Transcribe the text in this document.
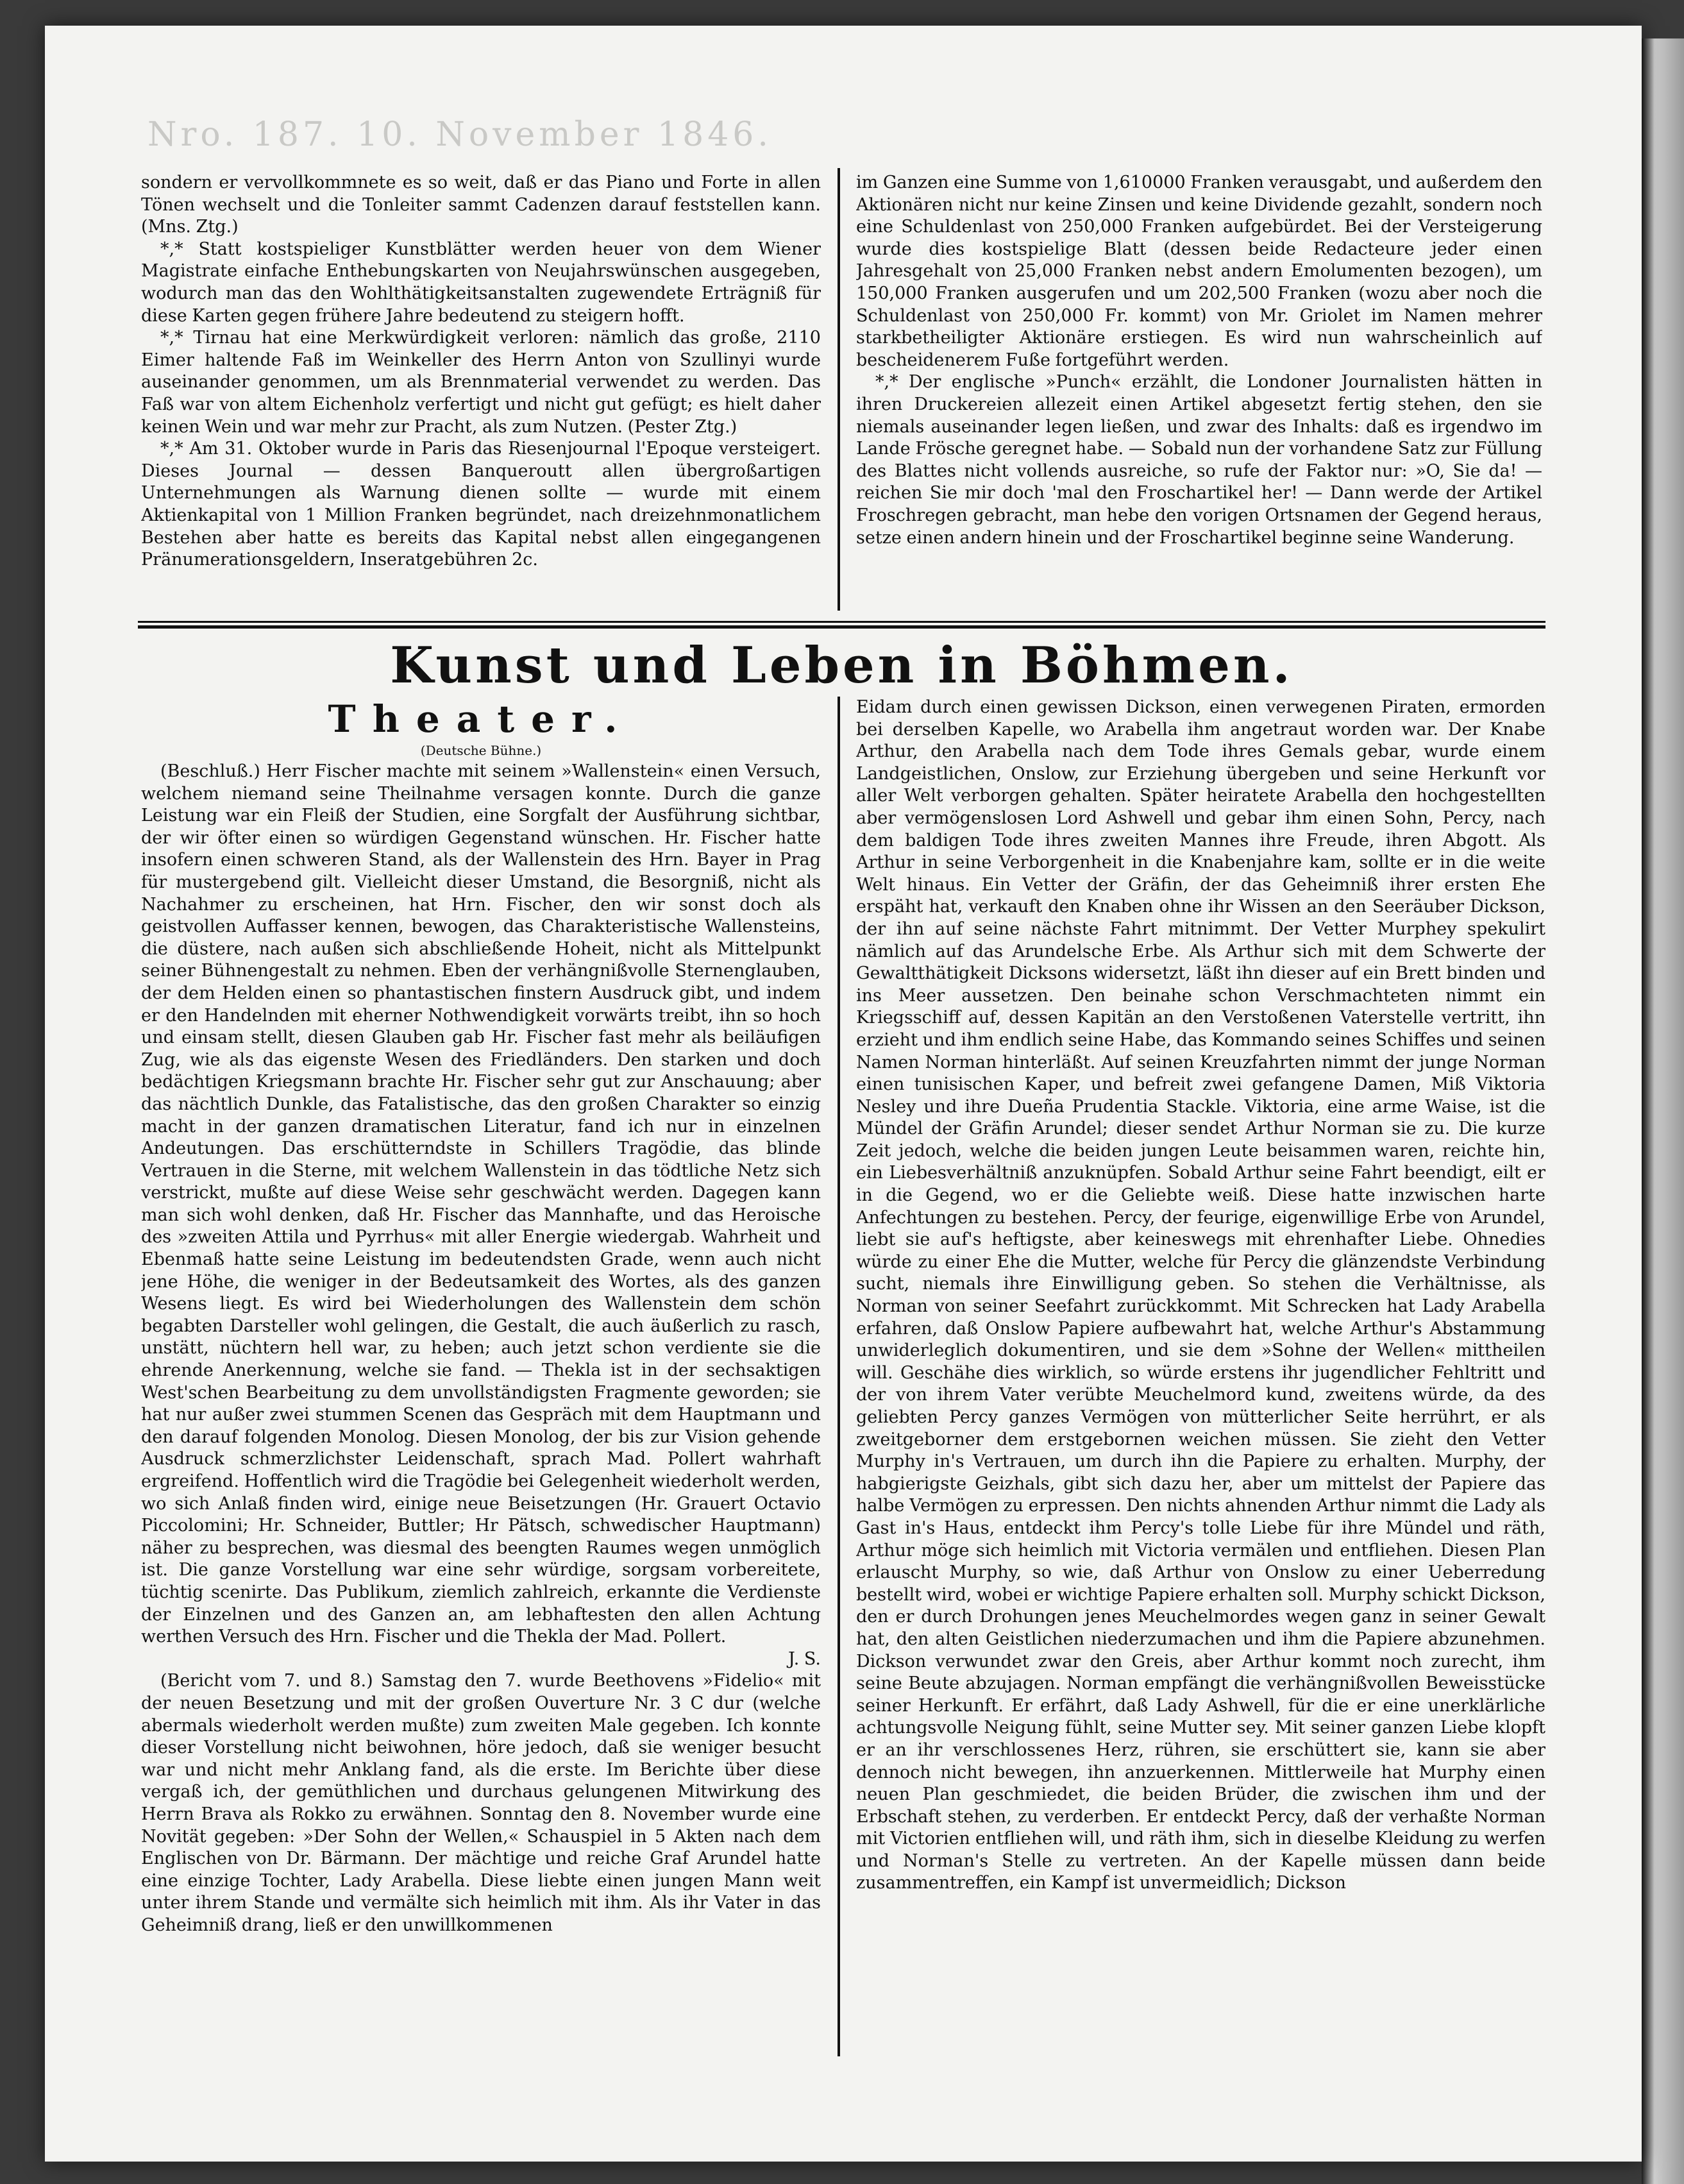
Nro. 187. 10. November 1846.

sondern er vervollkommnete es so weit, daß er das Piano und Forte in allen Tönen wechselt und die Tonleiter sammt Cadenzen darauf feststellen kann. (Mns. Ztg.)

*,* Statt kostspieliger Kunstblätter werden heuer von dem Wiener Magistrate einfache Enthebungskarten von Neujahrswünschen ausgegeben, wodurch man das den Wohlthätigkeitsanstalten zugewendete Erträgniß für diese Karten gegen frühere Jahre bedeutend zu steigern hofft.

*,* Tirnau hat eine Merkwürdigkeit verloren: nämlich das große, 2110 Eimer haltende Faß im Weinkeller des Herrn Anton von Szullinyi wurde auseinander genommen, um als Brennmaterial verwendet zu werden. Das Faß war von altem Eichenholz verfertigt und nicht gut gefügt; es hielt daher keinen Wein und war mehr zur Pracht, als zum Nutzen. (Pester Ztg.)

*,* Am 31. Oktober wurde in Paris das Riesenjournal l'Epoque versteigert. Dieses Journal — dessen Banqueroutt allen übergroßartigen Unternehmungen als Warnung dienen sollte — wurde mit einem Aktienkapital von 1 Million Franken begründet, nach dreizehnmonatlichem Bestehen aber hatte es bereits das Kapital nebst allen eingegangenen Pränumerationsgeldern, Inseratgebühren 2c.

im Ganzen eine Summe von 1,610000 Franken verausgabt, und außerdem den Aktionären nicht nur keine Zinsen und keine Dividende gezahlt, sondern noch eine Schuldenlast von 250,000 Franken aufgebürdet. Bei der Versteigerung wurde dies kostspielige Blatt (dessen beide Redacteure jeder einen Jahresgehalt von 25,000 Franken nebst andern Emolumenten bezogen), um 150,000 Franken ausgerufen und um 202,500 Franken (wozu aber noch die Schuldenlast von 250,000 Fr. kommt) von Mr. Griolet im Namen mehrer starkbetheiligter Aktionäre erstiegen. Es wird nun wahrscheinlich auf bescheidenerem Fuße fortgeführt werden.

*,* Der englische »Punch« erzählt, die Londoner Journalisten hätten in ihren Druckereien allezeit einen Artikel abgesetzt fertig stehen, den sie niemals auseinander legen ließen, und zwar des Inhalts: daß es irgendwo im Lande Frösche geregnet habe. — Sobald nun der vorhandene Satz zur Füllung des Blattes nicht vollends ausreiche, so rufe der Faktor nur: »O, Sie da! — reichen Sie mir doch 'mal den Froschartikel her! — Dann werde der Artikel Froschregen gebracht, man hebe den vorigen Ortsnamen der Gegend heraus, setze einen andern hinein und der Froschartikel beginne seine Wanderung.

Kunst und Leben in Böhmen.
Theater.
(Deutsche Bühne.)

(Beschluß.) Herr Fischer machte mit seinem »Wallenstein« einen Versuch, welchem niemand seine Theilnahme versagen konnte. Durch die ganze Leistung war ein Fleiß der Studien, eine Sorgfalt der Ausführung sichtbar, der wir öfter einen so würdigen Gegenstand wünschen. Hr. Fischer hatte insofern einen schweren Stand, als der Wallenstein des Hrn. Bayer in Prag für mustergebend gilt. Vielleicht dieser Umstand, die Besorgniß, nicht als Nachahmer zu erscheinen, hat Hrn. Fischer, den wir sonst doch als geistvollen Auffasser kennen, bewogen, das Charakteristische Wallensteins, die düstere, nach außen sich abschließende Hoheit, nicht als Mittelpunkt seiner Bühnengestalt zu nehmen. Eben der verhängnißvolle Sternenglauben, der dem Helden einen so phantastischen finstern Ausdruck gibt, und indem er den Handelnden mit eherner Nothwendigkeit vorwärts treibt, ihn so hoch und einsam stellt, diesen Glauben gab Hr. Fischer fast mehr als beiläufigen Zug, wie als das eigenste Wesen des Friedländers. Den starken und doch bedächtigen Kriegsmann brachte Hr. Fischer sehr gut zur Anschauung; aber das nächtlich Dunkle, das Fatalistische, das den großen Charakter so einzig macht in der ganzen dramatischen Literatur, fand ich nur in einzelnen Andeutungen. Das erschütterndste in Schillers Tragödie, das blinde Vertrauen in die Sterne, mit welchem Wallenstein in das tödtliche Netz sich verstrickt, mußte auf diese Weise sehr geschwächt werden. Dagegen kann man sich wohl denken, daß Hr. Fischer das Mannhafte, und das Heroische des »zweiten Attila und Pyrrhus« mit aller Energie wiedergab. Wahrheit und Ebenmaß hatte seine Leistung im bedeutendsten Grade, wenn auch nicht jene Höhe, die weniger in der Bedeutsamkeit des Wortes, als des ganzen Wesens liegt. Es wird bei Wiederholungen des Wallenstein dem schön begabten Darsteller wohl gelingen, die Gestalt, die auch äußerlich zu rasch, unstätt, nüchtern hell war, zu heben; auch jetzt schon verdiente sie die ehrende Anerkennung, welche sie fand. — Thekla ist in der sechsaktigen West'schen Bearbeitung zu dem unvollständigsten Fragmente geworden; sie hat nur außer zwei stummen Scenen das Gespräch mit dem Hauptmann und den darauf folgenden Monolog. Diesen Monolog, der bis zur Vision gehende Ausdruck schmerzlichster Leidenschaft, sprach Mad. Pollert wahrhaft ergreifend. Hoffentlich wird die Tragödie bei Gelegenheit wiederholt werden, wo sich Anlaß finden wird, einige neue Beisetzungen (Hr. Grauert Octavio Piccolomini; Hr. Schneider, Buttler; Hr Pätsch, schwedischer Hauptmann) näher zu besprechen, was diesmal des beengten Raumes wegen unmöglich ist. Die ganze Vorstellung war eine sehr würdige, sorgsam vorbereitete, tüchtig scenirte. Das Publikum, ziemlich zahlreich, erkannte die Verdienste der Einzelnen und des Ganzen an, am lebhaftesten den allen Achtung werthen Versuch des Hrn. Fischer und die Thekla der Mad. Pollert.

J. S.

(Bericht vom 7. und 8.) Samstag den 7. wurde Beethovens »Fidelio« mit der neuen Besetzung und mit der großen Ouverture Nr. 3 C dur (welche abermals wiederholt werden mußte) zum zweiten Male gegeben. Ich konnte dieser Vorstellung nicht beiwohnen, höre jedoch, daß sie weniger besucht war und nicht mehr Anklang fand, als die erste. Im Berichte über diese vergaß ich, der gemüthlichen und durchaus gelungenen Mitwirkung des Herrn Brava als Rokko zu erwähnen. Sonntag den 8. November wurde eine Novität gegeben: »Der Sohn der Wellen,« Schauspiel in 5 Akten nach dem Englischen von Dr. Bärmann. Der mächtige und reiche Graf Arundel hatte eine einzige Tochter, Lady Arabella. Diese liebte einen jungen Mann weit unter ihrem Stande und vermälte sich heimlich mit ihm. Als ihr Vater in das Geheimniß drang, ließ er den unwillkommenen

Eidam durch einen gewissen Dickson, einen verwegenen Piraten, ermorden bei derselben Kapelle, wo Arabella ihm angetraut worden war. Der Knabe Arthur, den Arabella nach dem Tode ihres Gemals gebar, wurde einem Landgeistlichen, Onslow, zur Erziehung übergeben und seine Herkunft vor aller Welt verborgen gehalten. Später heiratete Arabella den hochgestellten aber vermögenslosen Lord Ashwell und gebar ihm einen Sohn, Percy, nach dem baldigen Tode ihres zweiten Mannes ihre Freude, ihren Abgott. Als Arthur in seine Verborgenheit in die Knabenjahre kam, sollte er in die weite Welt hinaus. Ein Vetter der Gräfin, der das Geheimniß ihrer ersten Ehe erspäht hat, verkauft den Knaben ohne ihr Wissen an den Seeräuber Dickson, der ihn auf seine nächste Fahrt mitnimmt. Der Vetter Murphey spekulirt nämlich auf das Arundelsche Erbe. Als Arthur sich mit dem Schwerte der Gewaltthätigkeit Dicksons widersetzt, läßt ihn dieser auf ein Brett binden und ins Meer aussetzen. Den beinahe schon Verschmachteten nimmt ein Kriegsschiff auf, dessen Kapitän an den Verstoßenen Vaterstelle vertritt, ihn erzieht und ihm endlich seine Habe, das Kommando seines Schiffes und seinen Namen Norman hinterläßt. Auf seinen Kreuzfahrten nimmt der junge Norman einen tunisischen Kaper, und befreit zwei gefangene Damen, Miß Viktoria Nesley und ihre Dueña Prudentia Stackle. Viktoria, eine arme Waise, ist die Mündel der Gräfin Arundel; dieser sendet Arthur Norman sie zu. Die kurze Zeit jedoch, welche die beiden jungen Leute beisammen waren, reichte hin, ein Liebesverhältniß anzuknüpfen. Sobald Arthur seine Fahrt beendigt, eilt er in die Gegend, wo er die Geliebte weiß. Diese hatte inzwischen harte Anfechtungen zu bestehen. Percy, der feurige, eigenwillige Erbe von Arundel, liebt sie auf's heftigste, aber keineswegs mit ehrenhafter Liebe. Ohnedies würde zu einer Ehe die Mutter, welche für Percy die glänzendste Verbindung sucht, niemals ihre Einwilligung geben. So stehen die Verhältnisse, als Norman von seiner Seefahrt zurückkommt. Mit Schrecken hat Lady Arabella erfahren, daß Onslow Papiere aufbewahrt hat, welche Arthur's Abstammung unwiderleglich dokumentiren, und sie dem »Sohne der Wellen« mittheilen will. Geschähe dies wirklich, so würde erstens ihr jugendlicher Fehltritt und der von ihrem Vater verübte Meuchelmord kund, zweitens würde, da des geliebten Percy ganzes Vermögen von mütterlicher Seite herrührt, er als zweitgeborner dem erstgebornen weichen müssen. Sie zieht den Vetter Murphy in's Vertrauen, um durch ihn die Papiere zu erhalten. Murphy, der habgierigste Geizhals, gibt sich dazu her, aber um mittelst der Papiere das halbe Vermögen zu erpressen. Den nichts ahnenden Arthur nimmt die Lady als Gast in's Haus, entdeckt ihm Percy's tolle Liebe für ihre Mündel und räth, Arthur möge sich heimlich mit Victoria vermälen und entfliehen. Diesen Plan erlauscht Murphy, so wie, daß Arthur von Onslow zu einer Ueberredung bestellt wird, wobei er wichtige Papiere erhalten soll. Murphy schickt Dickson, den er durch Drohungen jenes Meuchelmordes wegen ganz in seiner Gewalt hat, den alten Geistlichen niederzumachen und ihm die Papiere abzunehmen. Dickson verwundet zwar den Greis, aber Arthur kommt noch zurecht, ihm seine Beute abzujagen. Norman empfängt die verhängnißvollen Beweisstücke seiner Herkunft. Er erfährt, daß Lady Ashwell, für die er eine unerklärliche achtungsvolle Neigung fühlt, seine Mutter sey. Mit seiner ganzen Liebe klopft er an ihr verschlossenes Herz, rühren, sie erschüttert sie, kann sie aber dennoch nicht bewegen, ihn anzuerkennen. Mittlerweile hat Murphy einen neuen Plan geschmiedet, die beiden Brüder, die zwischen ihm und der Erbschaft stehen, zu verderben. Er entdeckt Percy, daß der verhaßte Norman mit Victorien entfliehen will, und räth ihm, sich in dieselbe Kleidung zu werfen und Norman's Stelle zu vertreten. An der Kapelle müssen dann beide zusammentreffen, ein Kampf ist unvermeidlich; Dickson
